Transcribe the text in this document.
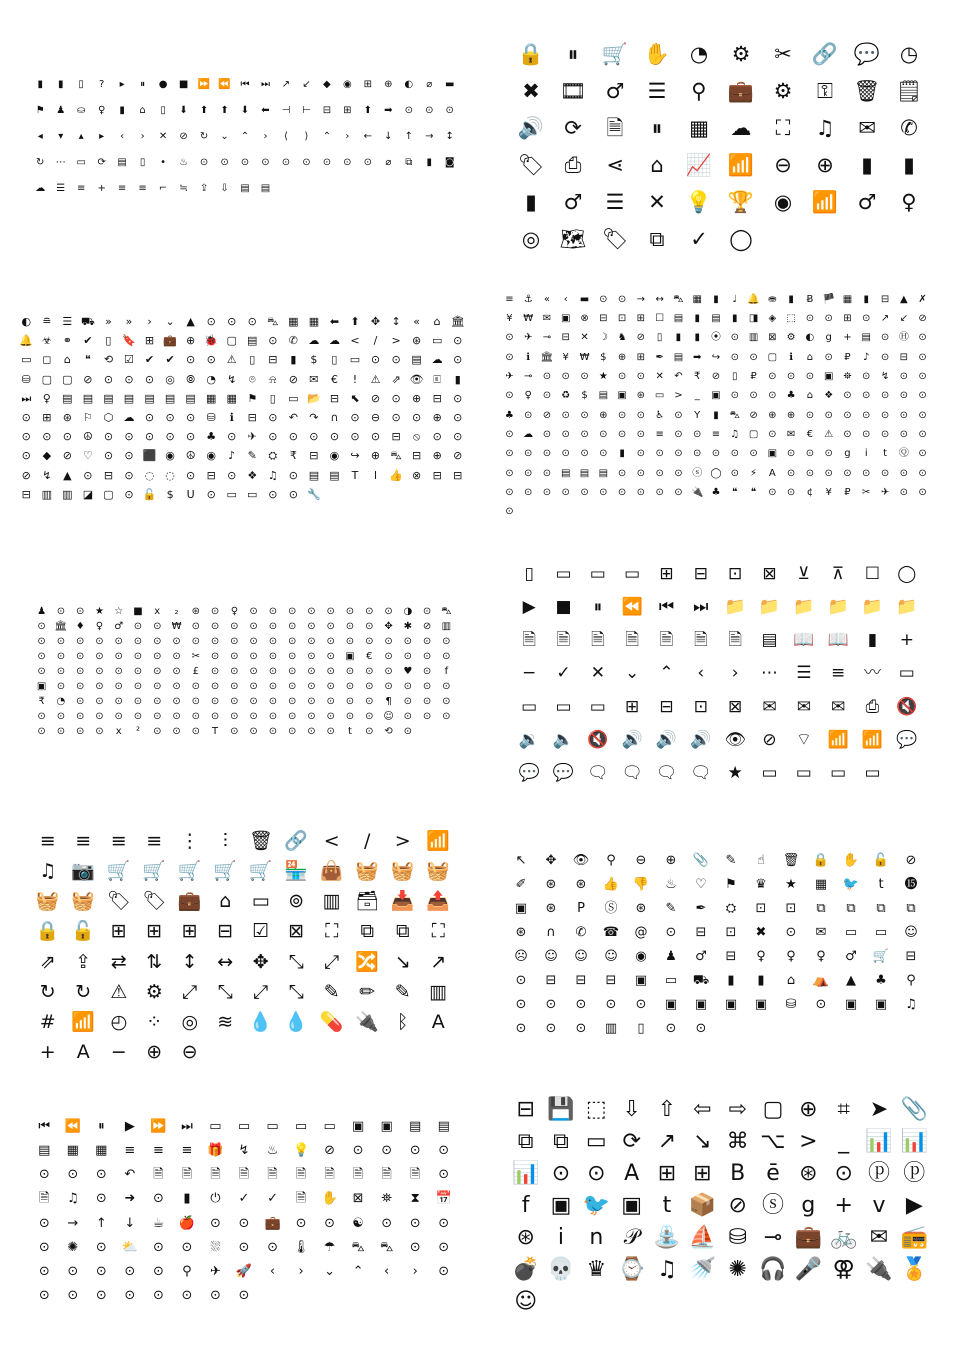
▮	▮	▯	?	▸	⏸	●	■ ⏩ ⏪ ⏮	⏭	↗	↙	◆	◉	⊞	⊕	◐	⌀	▬
⚑	♟	⛀	♀	▮	⌂	▯	⬇	⬆	⬆	⬇	⬅	⊣	⊢	⊟	⊞	⬆	➡	⊙	⊙	⊙
◂	▾	▴	▸	‹	›	✕	⊘	↻	⌄	⌃	›	⟨	⟩	⌃	›	←	↓	↑	→	↕
↻	⋯	▭	⟳	▤	▯	•	♨	⊙	⊙	⊙	⊙	⊙	⊙	⊙	⊙	⊙	⌀	⧉	▮	◙
☁	☰	≡	+	≡	≡	⌐	≒	⇪	⇩	▤	▤
🔒	⏸	🛒 ✋ ◔ ⚙ ✂ 🔗 💬 ◷
✖ 🎞 ♂ ☰	⚲	💼 ⚙	⚿ 🗑 🗒
🔊 ⟳	🗎	⏸	▦ ☁	⛶	♫ ✉ ✆
🏷 ⎙	⋖	⌂	📈 📶 ⊖ ⊕	▮	▮
▮	♂ ☰ ✕ 💡 🏆 ◉ 📶 ♂	♀
◎ 🗺 🏷	⧉	✓ ◯
◐	≘	☰ ⛟ »	»	›	⌄	▲	⊙	⊙	⊙ ⛍ ▦ ▦ ⬅	⬆	✥	↕	«	⌂ 🏛
🔔 ☣	⚭	✔	▯ 🔖 ⊞ 💼 ⊕ 🐞 ▢ ▤ ⊙	✆ ☁ ☁ <	/	>	⊛ ▭ ⊙
▭ ◻	⌂	❝	⟲	☑	✔	✔	⊙	⊙	⚠	▯	⊟	▮	$	▯	▭ ⊙	⊙ ▤ ☁ ⊙
⛁ ▢ ▢ ⊘	⊙	⊙	⊙	◎	⦾	◔	↯	⌾	⍾	⊘	✉	€	!	⚠	⇗ 👁 🗉	▮
⏭	♀	▤ ▤ ▤ ▤ ▤ ▤ ▤ ▦ ▦ ⚑	▯	▭ 📂 ⊟	⬉	⊘	⊙	⊕	⊟	⊙
⊙	⊞	⊛	⚐ ⬡ ☁ ⊙	⊙	⊙	⛁	ℹ	⊟	⊙	↶	↷	∩	⊙	⊖	⊙	⊙	⊕	⊙
⊙	⊙	⊙	☮	⊙	⊙	⊙	⊙	⊙	♣	⊙	✈	⊙	⊙	⊙	⊙	⊙	⊙	⊟	⦸	⊙	⊙
⊙	◆	⊘	♡	⊙	⊙ ⬛ ◉ ☮ ◉	♪	✎	⛭	₹	⊟	◉	↪	⊕ ⛍ ⊟	⊕	⊘
⊘	↯	▲	⊙	⊟	⊙	◌ ◌	⊙	⊟	⊙ ❖ ♫	⊙ ▤ ▤	T	l	👍 ⊗	⊟	⊟
⊟ ▥ ▥ ◪ ▢ ⊙ 🔓 $	U	⊙ ▭ ▭ ⊙	⊙ 🔧
≡	⚓	«	‹	▬ ⊙	⊙	→	↔ ⛍ ▦	▮	♩	🔔 ⛂	▮	Ƀ 🏴 ▦	▮	⊟	▲	✗
¥	₩ ✉ ▣ ⊗	⊟	⊡	⊞	☐ ▤	▮	▤	▮	◨	◈	⬚ ⊙	⊙	⊞	⊙	↗	↙	⊘
⊙	✈	⊸	⊟	✕	☽ ♞	⊘	▯	▮	▮	⦿ ⊙ ▥ ⊠	⚙ ◐	g	+ ▤ ⊙ Ⓗ ⊙
⊙	ℹ	🏛 ¥	₩	$	⊕	⊞	✒ ▤ ➡	↪	⊙	⊙ ▢	ℹ	⌂	⊙	₽	♪	⊙	⊟	⊙
✈	⊸	⊙	⊙	⊙	★	⊙	⊙	✕	↶	₹	⊘	▯	₽	⊙	⊙	⊙ ▣	⛯	⊙	↯	⊙	⊙
⊙	♀	⊙	♻	$	▤ ▣ ⊛ ▭ >	_	▣ ⊙	⊙	⊙	♣	⌂	❖	⊙	⊙	⊙	⊙	⊙
♣	⊙	⊘	⊙	⊙	⊕	⊙	⊙	♿	⊙	Y	▮	⛍ ⊘	⊕	⊕	⊙	⊙	⊙	⊙	⊙	⊙	⊙
⊙ ☁ ⊙	⊙	⊙	⊙	⊙	⊙	≡	⊙	⊙	≡	♫ ▢ ⊙	✉	€	⚠	⊙	⊙	⊙	⊙	⊙
⊙	⊙	⊙	⊙	⊙	⊙	▮	⊙	⊙	⊙	⊙	⊙	⊙	⊙ ▣ ⊙	⊙	⊙	g	i	t	Ⓠ ⊙
⊙	⊙	⊙ ▤ ▤ ▤ ⊙	⊙	⊙	⊙ ⓢ ◯ ⊙	⚡	A	⊙	⊙	⊙	⊙	⊙	⊙	⊙	⊙
⊙	⊙	⊙	⊙	⊙	⊙	⊙	⊙	⊙	⊙ 🔌 ♣	❝	❝	⊙	⊙	¢	¥	₽	✂	✈	⊙	⊙
⊙
♟	⊙	⊙	★	☆	■	x	₂	⊛	⊙	♀	⊙	⊙	⊙	⊙	⊙	⊙	⊙	⊙	◑	⊙ ⛍
⊙ 🏛 ♦	♀	♂	⊙	⊙	₩	⊙	⊙	⊙	⊙	⊙	⊙	⊙	⊙	⊙	⊙	✥	✱	⊘	▥
⊙	⊙	⊙	⊙	⊙	⊙	⊙	⊙	⊙	⊙	⊙	⊙	⊙	⊙	⊙	⊙	⊙	⊙	⊙	⊙	⊙	⊙
⊙	⊙	⊙	⊙	⊙	⊙	⊙	⊙	✂	⊙	⊙	⊙	⊙	⊙	⊙	⊙	▣	€	⊙	⊙	⊙	⊙
⊙	⊙	⊙	⊙	⊙	⊙	⊙	⊙	£	⊙	⊙	⊙	⊙	⊙	⊙	⊙	⊙	⊙	⊙	♥	⊙	f
▣	⊙	⊙	⊙	⊙	⊙	⊙	⊙	⊙	⊙	⊙	⊙	⊙	⊙	⊙	⊙	⊙	⊙	⊙	⊙	⊙	⊙
₹	◔	⊙	⊙	⊙	⊙	⊙	⊙	⊙	⊙	⊙	⊙	⊙	⊙	⊙	⊙	⊙	⊙	¶	⊙	⊙	⊙
⊙	⊙	⊙	⊙	⊙	⊙	⊙	⊙	⊙	⊙	⊙	⊙	⊙	⊙	⊙	⊙	⊙	⊙ ☺ ⊙	⊙	⊙
⊙	⊙	⊙	⊙	x	²	⊙	⊙	⊙	T	⊙	⊙	⊙	⊙	⊙	⊙	t	⊙	⟲	⊙
▯	▭	▭	▭	⊞	⊟	⊡	⊠	⊻	⊼	☐	◯
▶	■	⏸	⏪ ⏮	⏭ 📁 📁 📁 📁 📁 📁
🗎	🗎	🗎	🗎	🗎	🗎	🗎	▤ 📖 📖	▮	+
−	✓	✕	⌄	⌃	‹	›	⋯	☰	≡	〰	▭
▭	▭	▭	⊞	⊟	⊡	⊠	✉	✉	✉	⎙ 🔇
🔉 🔈 🔇 🔊 🔊 🔊 👁 ⊘	⌔ 📶 📶 💬
💬 💬 🗨 🗨 🗨 🗨 ★	▭	▭	▭	▭
≡	≡	≡	≡ ⋮	⫶	🗑 🔗 <	/	> 📶
♫ 📷 🛒 🛒 🛒 🛒 🛒 🏪 👜 🧺 🧺 🧺
🧺 🧺 🏷 🏷 💼 ⌂	▭ ⊚ ▥ 🗃 📥 📤
🔒 🔓 ⊞	⊞	⊞	⊟	☑	⊠	⛶	⧉	⧉	⛶
⇗	⇪	⇄	⇅	↕	↔	✥	⤡	⤢ 🔀 ↘	↗
↻	↻	⚠ ⚙	⤢	⤡	⤢	⤡	✎	✏	✎ ▥
# 📶 ◴	⁘	◎	≋ 💧 💧 💊 🔌 ᛒ	A
+	A	−	⊕	⊖
↖	✥	👁	⚲	⊖	⊕	📎	✎	☝	🗑 🔒 ✋ 🔓	⊘
✐	⊛	⊛	👍 👎	♨	♡	⚑	♛	★	▦	🐦	t	⓯
▣	⊛	P	Ⓢ	⊛	✎	✒	⛭	⊡	⊡	⧉	⧉	⧉	⧉
⊛	∩	✆	☎	@	⊙	⊟	⊡	✖	⊙	✉	▭	▭	☺
☹	☺	☺	☺	◉	♟	♂	⊟	♀	♀	♀	♂	🛒	⊟
⊙	⊟	⊟	⊟	▣	▭	⛟	▮	▮	⌂	⛺	▲	♣	⚲
⊙	⊙	⊙	⊙	⊙	▣	▣	▣	▣	⛁	⊙	▣	▣	♫
⊙	⊙	⊙	▥	▯	⊙	⊙
⏮	⏪	⏸	▶	⏩	⏭	▭	▭	▭	▭	▭	▣	▣	▤	▤
▤	▦	▦	≡	≡	≡	🎁	↯	♨	💡	⊘	⊙	⊙	⊙	⊙
⊙	⊙	⊙	↶	🗎	🗎	🗎	🗎	🗎	🗎	🗎	🗎	🗎	🗎	⊙
🗎	♫	⊙	➜	⊙	▮	⏻	✓	✓	🗎	✋	⊠	⛯	⧗	📅
⊙	→	↑	↓	☕	🍎	⊙	⊙	💼	⊙	⊙	☯	⊙	⊙	⊙
⊙	✺	⊙	⛅	⊙	⊙	⛆	⊙	⊙	🌡	☂	⛍	⛍	⊙	⊙
⊙	⊙	⊙	⊙	⊙	⚲	✈	🚀	‹	›	⌄	⌃	‹	›	⊙
⊙	⊙	⊙	⊙	⊙	⊙	⊙	⊙
⊟ 💾 ⬚ ⇩ ⇧ ⇦ ⇨ ▢ ⊕ ⌗ ➤ 📎
⧉ ⧉ ▭ ⟳ ↗ ↘ ⌘ ⌥ > _ 📊 📊
📊 ⊙ ⊙ A ⊞ ⊞ B ē ⊛ ⊙ ⓟ ⓟ
f ▣ 🐦 ▣ t 📦 ⊘ ⓢ g + v ▶
⊛	i	n 𝒫 ⛲ ⛵ ⛁ ⊸ 💼 🚲 ✉ 📻
💣 💀 ♛ ⌚ ♫ 🚿 ✺ 🎧 🎤 ⚢ 🔌 🏅
☺
